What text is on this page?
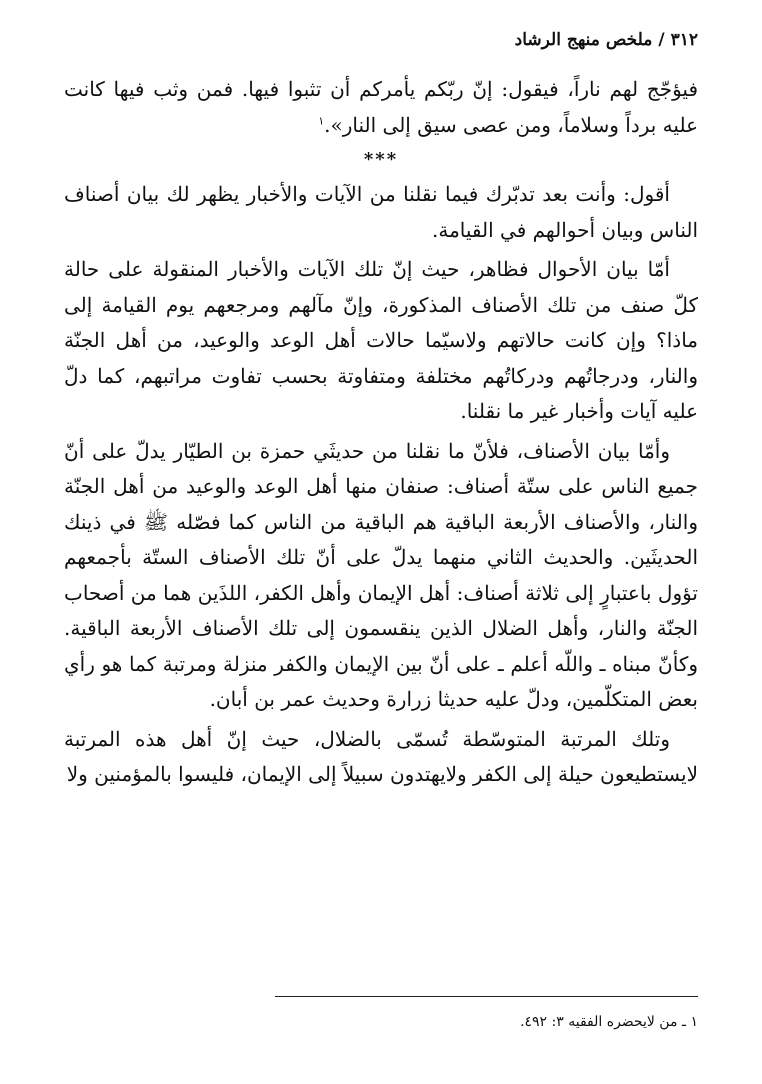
٣١٢/ملخص منهج الرشاد

فيؤجّج لهم ناراً، فيقول: إنّ ربّكم يأمركم أن تثبوا فيها. فمن وثب فيها كانت عليه برداً وسلاماً، ومن عصى سيق إلى النار».$^١$

***

أقول: وأنت بعد تدبّرك فيما نقلنا من الآيات والأخبار يظهر لك بيان أصناف الناس وبيان أحوالهم في القيامة.

أمّا بيان الأحوال فظاهر، حيث إنّ تلك الآيات والأخبار المنقولة على حالة كلّ صنف من تلك الأصناف المذكورة، وإنّ مآلهم ومرجعهم يوم القيامة إلى ماذا؟ وإن كانت حالاتهم ولاسيّما حالات أهل الوعد والوعيد، من أهل الجنّة والنار، ودرجاتُهم ودركاتُهم مختلفة ومتفاوتة بحسب تفاوت مراتبهم، كما دلّ عليه آيات وأخبار غير ما نقلنا.

وأمّا بيان الأصناف، فلأنّ ما نقلنا من حديثَي حمزة بن الطيّار يدلّ على أنّ جميع الناس على ستّة أصناف: صنفان منها أهل الوعد والوعيد من أهل الجنّة والنار، والأصناف الأربعة الباقية هم الباقية من الناس كما فصّله ﷺ في ذينك الحديثَين. والحديث الثاني منهما يدلّ على أنّ تلك الأصناف الستّة بأجمعهم تؤول باعتبارٍ إلى ثلاثة أصناف: أهل الإيمان وأهل الكفر، اللذَين هما من أصحاب الجنّة والنار، وأهل الضلال الذين ينقسمون إلى تلك الأصناف الأربعة الباقية. وكأنّ مبناه ـ واللّه أعلم ـ على أنّ بين الإيمان والكفر منزلة ومرتبة كما هو رأي بعض المتكلّمين، ودلّ عليه حديثا زرارة وحديث عمر بن أبان.

وتلك المرتبة المتوسّطة تُسمّى بالضلال، حيث إنّ أهل هذه المرتبة لايستطيعون حيلة إلى الكفر ولايهتدون سبيلاً إلى الإيمان، فليسوا بالمؤمنين ولا

١ ـ من لايحضره الفقيه ٣: ٤٩٢.
